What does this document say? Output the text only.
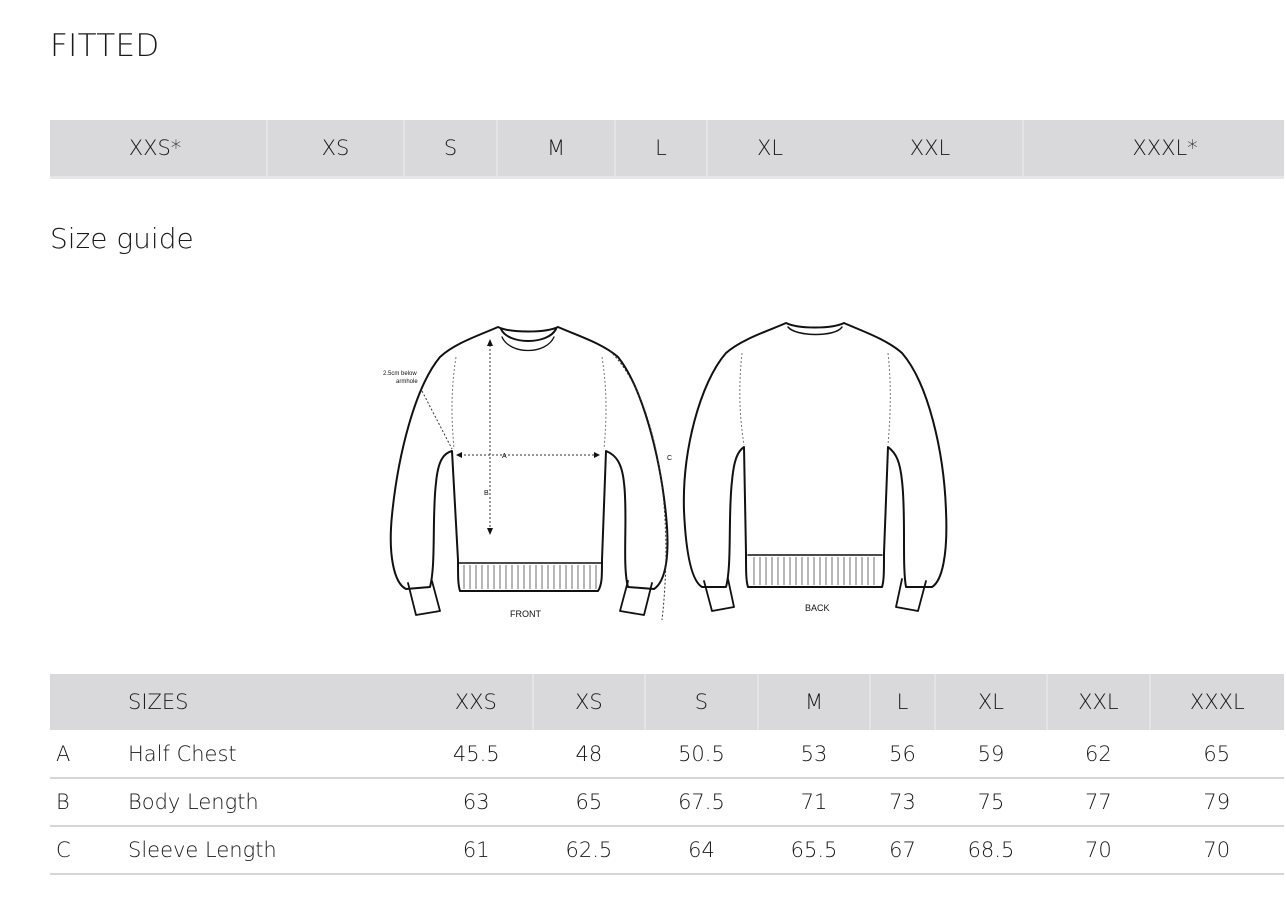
FITTED
XXS*	XS	S	M	L	XL	XXL	XXXL*
Size guide
A
B
C
2.5cm below
armhole
FRONT
BACK
	SIZES	XXS	XS	S	M	L	XL	XXL	XXXL
A	Half Chest	45.5	48	50.5	53	56	59	62	65
B	Body Length	63	65	67.5	71	73	75	77	79
C	Sleeve Length	61	62.5	64	65.5	67	68.5	70	70
